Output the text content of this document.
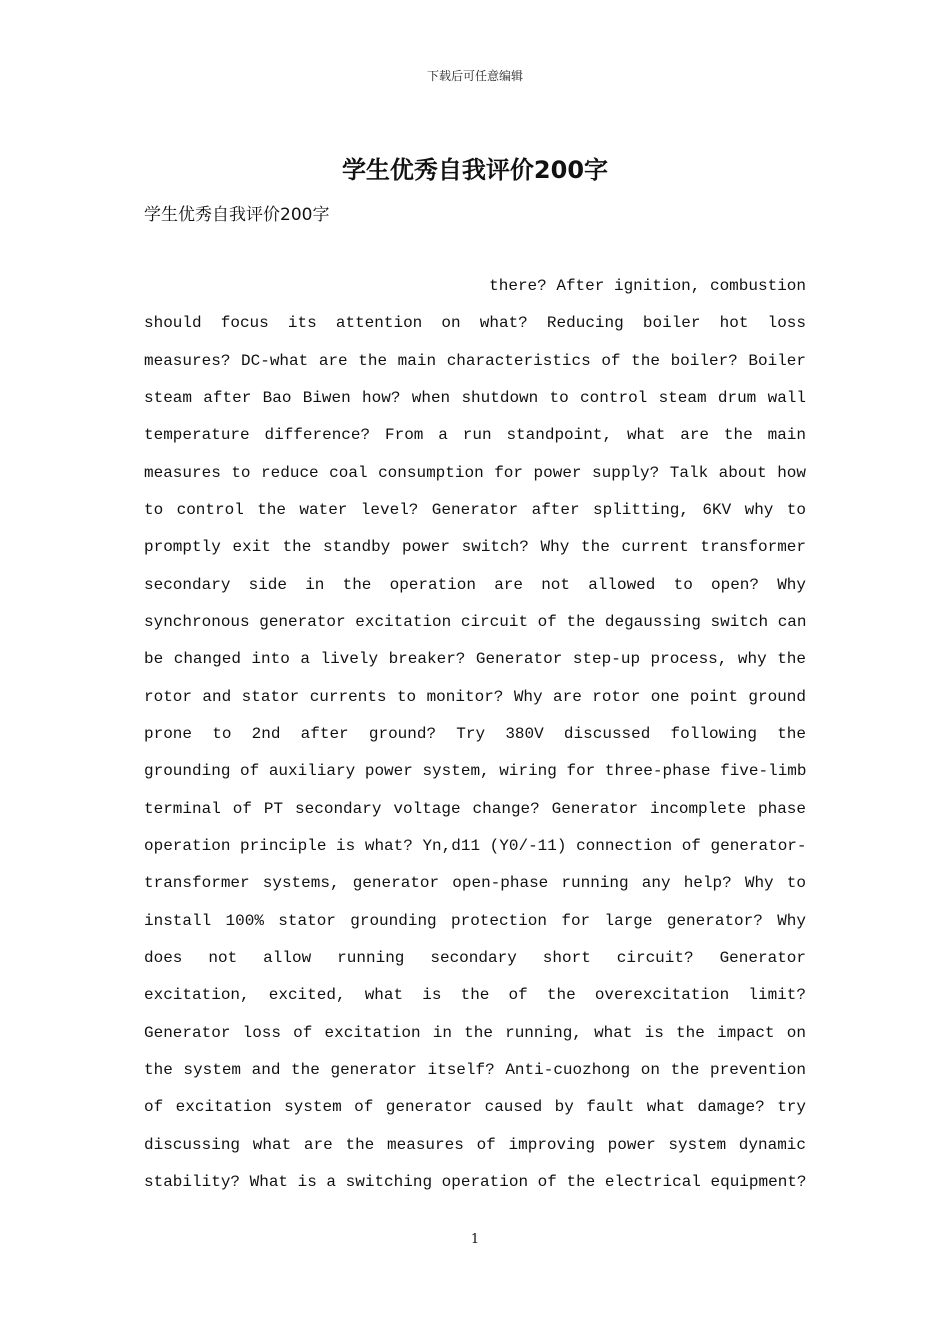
下载后可任意编辑
学生优秀自我评价200字

学生优秀自我评价200字

there? After ignition, combustion
should focus its attention on what? Reducing boiler hot loss
measures? DC-what are the main characteristics of the boiler? Boiler
steam after Bao Biwen how? when shutdown to control steam drum wall
temperature difference? From a run standpoint, what are the main
measures to reduce coal consumption for power supply? Talk about how
to control the water level? Generator after splitting, 6KV why to
promptly exit the standby power switch? Why the current transformer
secondary side in the operation are not allowed to open? Why
synchronous generator excitation circuit of the degaussing switch can
be changed into a lively breaker? Generator step-up process, why the
rotor and stator currents to monitor? Why are rotor one point ground
prone to 2nd after ground? Try 380V discussed following the
grounding of auxiliary power system, wiring for three-phase five-limb
terminal of PT secondary voltage change? Generator incomplete phase
operation principle is what? Yn,d11 (Y0/-11) connection of generator-
transformer systems, generator open-phase running any help? Why to
install 100% stator grounding protection for large generator? Why
does not allow running secondary short circuit? Generator
excitation, excited, what is the of the overexcitation limit?
Generator loss of excitation in the running, what is the impact on
the system and the generator itself? Anti-cuozhong on the prevention
of excitation system of generator caused by fault what damage? try
discussing what are the measures of improving power system dynamic
stability? What is a switching operation of the electrical equipment?
1
